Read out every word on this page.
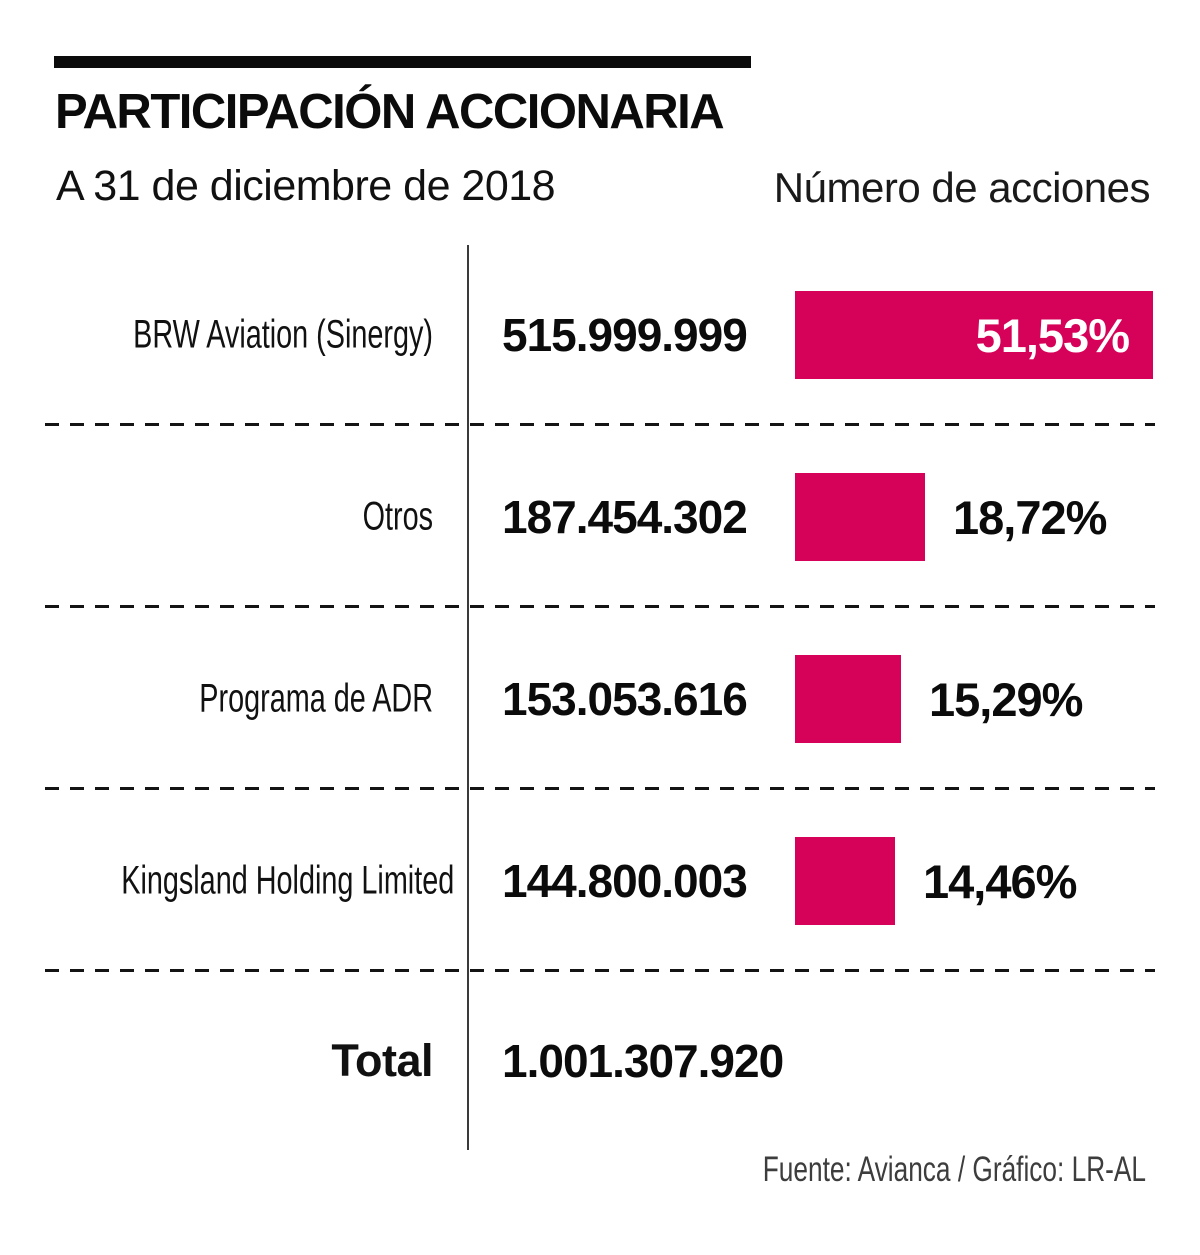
PARTICIPACIÓN ACCIONARIA
A 31 de diciembre de 2018	Número de acciones
BRW Aviation (Sinergy) 515.999.999	51,53%
Otros 187.454.302	18,72%
Programa de ADR 153.053.616	15,29%
Kingsland Holding Limited 144.800.003	14,46%
Total 1.001.307.920
Fuente: Avianca / Gráfico: LR-AL
